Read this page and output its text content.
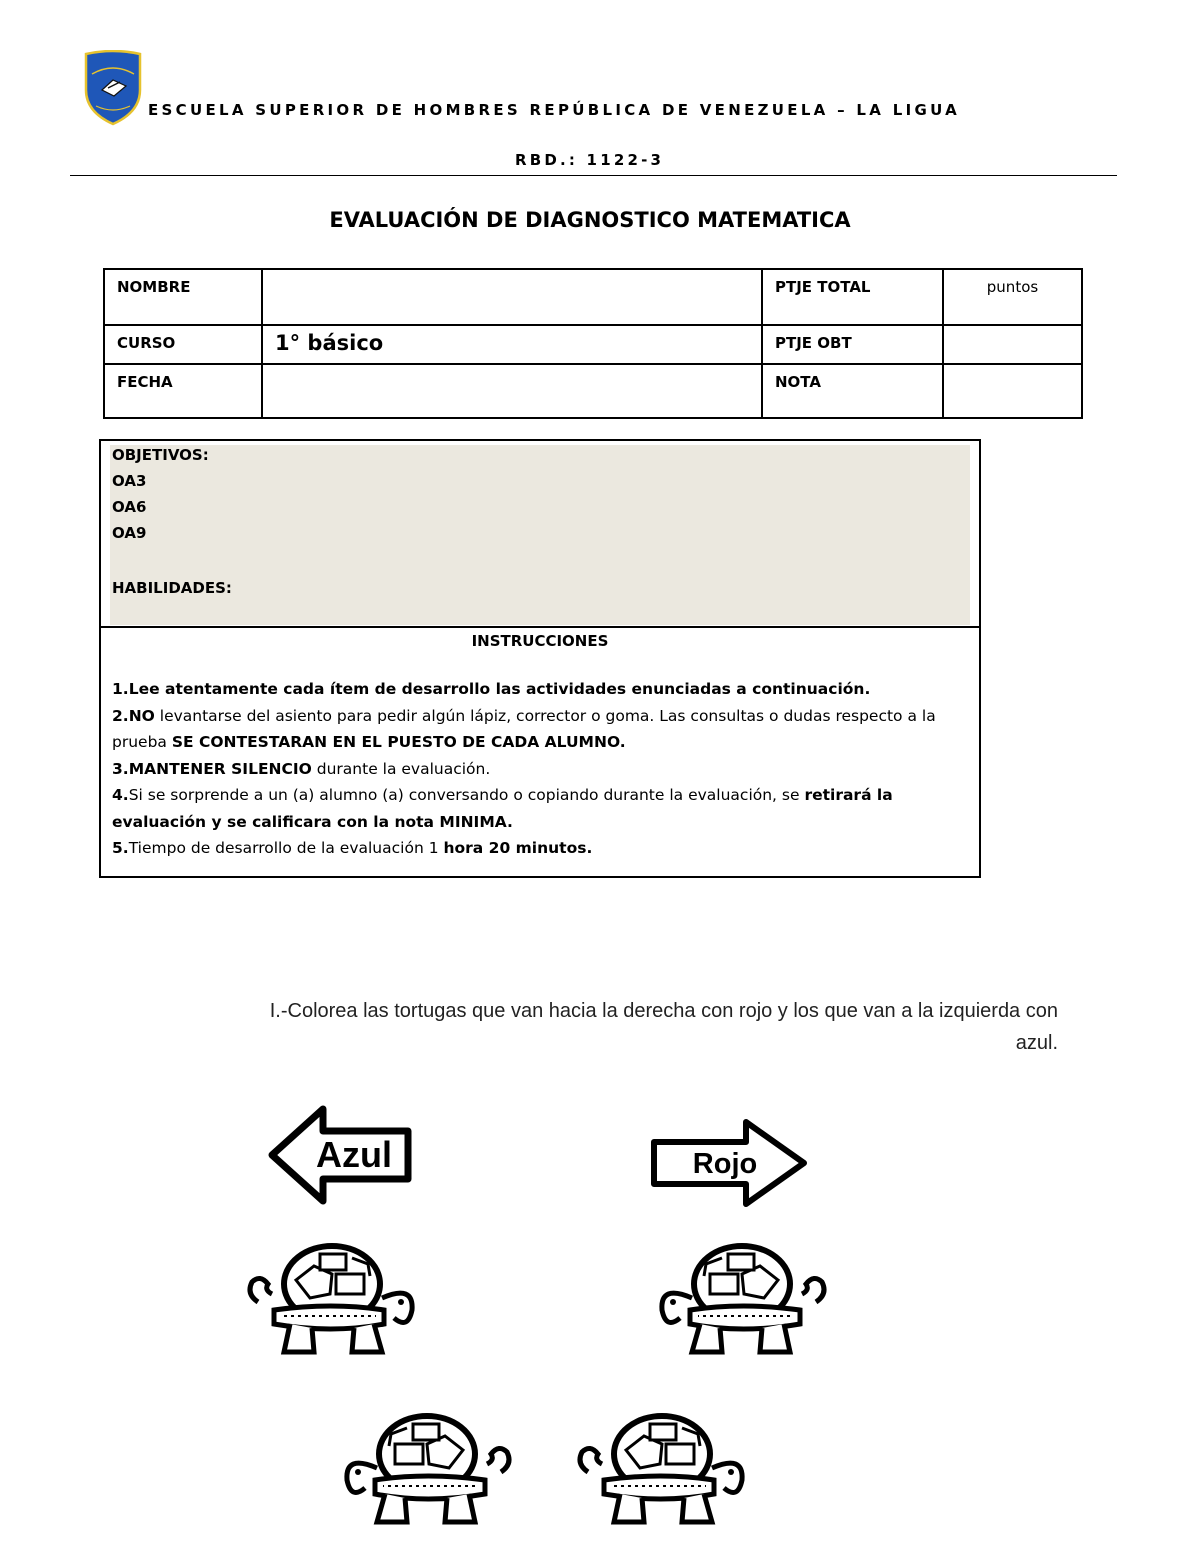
ESCUELA SUPERIOR DE HOMBRES REPÚBLICA DE VENEZUELA – LA LIGUA
RBD.: 1122-3
EVALUACIÓN DE DIAGNOSTICO MATEMATICA
NOMBRE		PTJE TOTAL	puntos
CURSO	1° básico	PTJE OBT	
FECHA		NOTA	
OBJETIVOS:
OA3
OA6
OA9
HABILIDADES:
INSTRUCCIONES

1.Lee atentamente cada ítem de desarrollo las actividades enunciadas a continuación.

2.NO levantarse del asiento para pedir algún lápiz, corrector o goma. Las consultas o dudas respecto a la prueba SE CONTESTARAN EN EL PUESTO DE CADA ALUMNO.

3.MANTENER SILENCIO durante la evaluación.

4.Si se sorprende a un (a) alumno (a) conversando o copiando durante la evaluación, se retirará la evaluación y se calificara con la nota MINIMA.

5.Tiempo de desarrollo de la evaluación 1 hora 20 minutos.

I.-Colorea las tortugas que van hacia la derecha con rojo y los que van a la izquierda con azul.
Azul	Rojo
